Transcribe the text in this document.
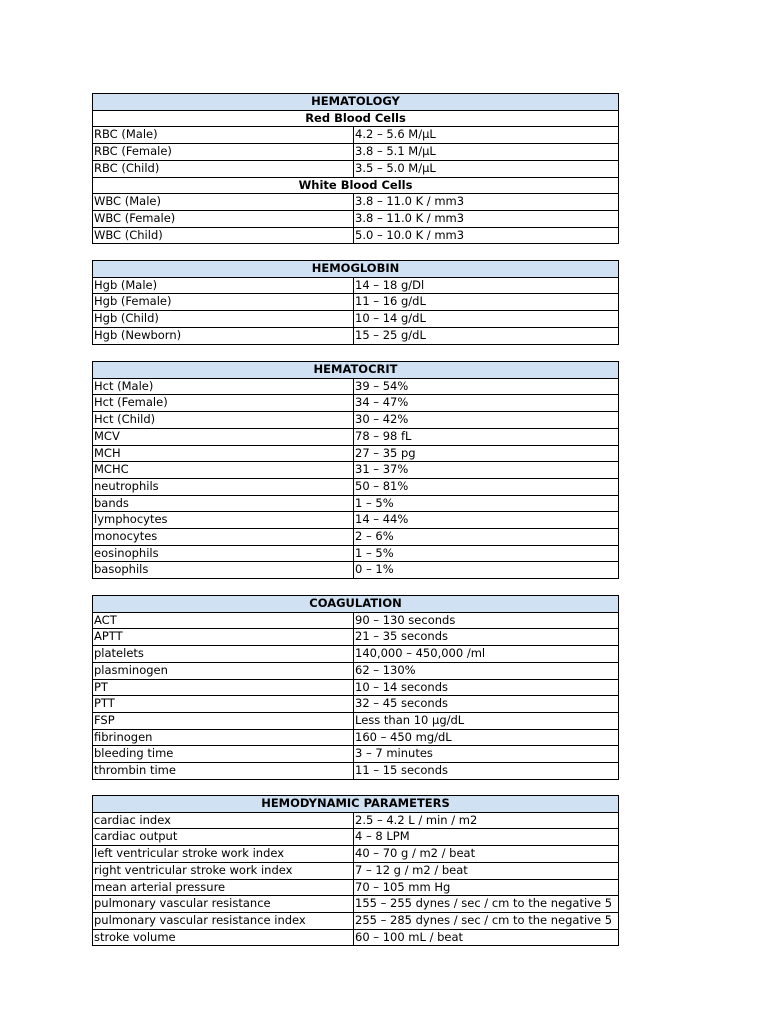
HEMATOLOGY	
Red Blood Cells	
RBC (Male)	4.2 – 5.6 M/µL
RBC (Female)	3.8 – 5.1 M/µL
RBC (Child)	3.5 – 5.0 M/µL
White Blood Cells	
WBC (Male)	3.8 – 11.0 K / mm3
WBC (Female)	3.8 – 11.0 K / mm3
WBC (Child)	5.0 – 10.0 K / mm3
HEMOGLOBIN	
Hgb (Male)	14 – 18 g/Dl
Hgb (Female)	11 – 16 g/dL
Hgb (Child)	10 – 14 g/dL
Hgb (Newborn)	15 – 25 g/dL
HEMATOCRIT	
Hct (Male)	39 – 54%
Hct (Female)	34 – 47%
Hct (Child)	30 – 42%
MCV	78 – 98 fL
MCH	27 – 35 pg
MCHC	31 – 37%
neutrophils	50 – 81%
bands	1 – 5%
lymphocytes	14 – 44%
monocytes	2 – 6%
eosinophils	1 – 5%
basophils	0 – 1%
COAGULATION	
ACT	90 – 130 seconds
APTT	21 – 35 seconds
platelets	140,000 – 450,000 /ml
plasminogen	62 – 130%
PT	10 – 14 seconds
PTT	32 – 45 seconds
FSP	Less than 10 µg/dL
fibrinogen	160 – 450 mg/dL
bleeding time	3 – 7 minutes
thrombin time	11 – 15 seconds
HEMODYNAMIC PARAMETERS	
cardiac index	2.5 – 4.2 L / min / m2
cardiac output	4 – 8 LPM
left ventricular stroke work index	40 – 70 g / m2 / beat
right ventricular stroke work index	7 – 12 g / m2 / beat
mean arterial pressure	70 – 105 mm Hg
pulmonary vascular resistance	155 – 255 dynes / sec / cm to the negative 5
pulmonary vascular resistance index	255 – 285 dynes / sec / cm to the negative 5
stroke volume	60 – 100 mL / beat
